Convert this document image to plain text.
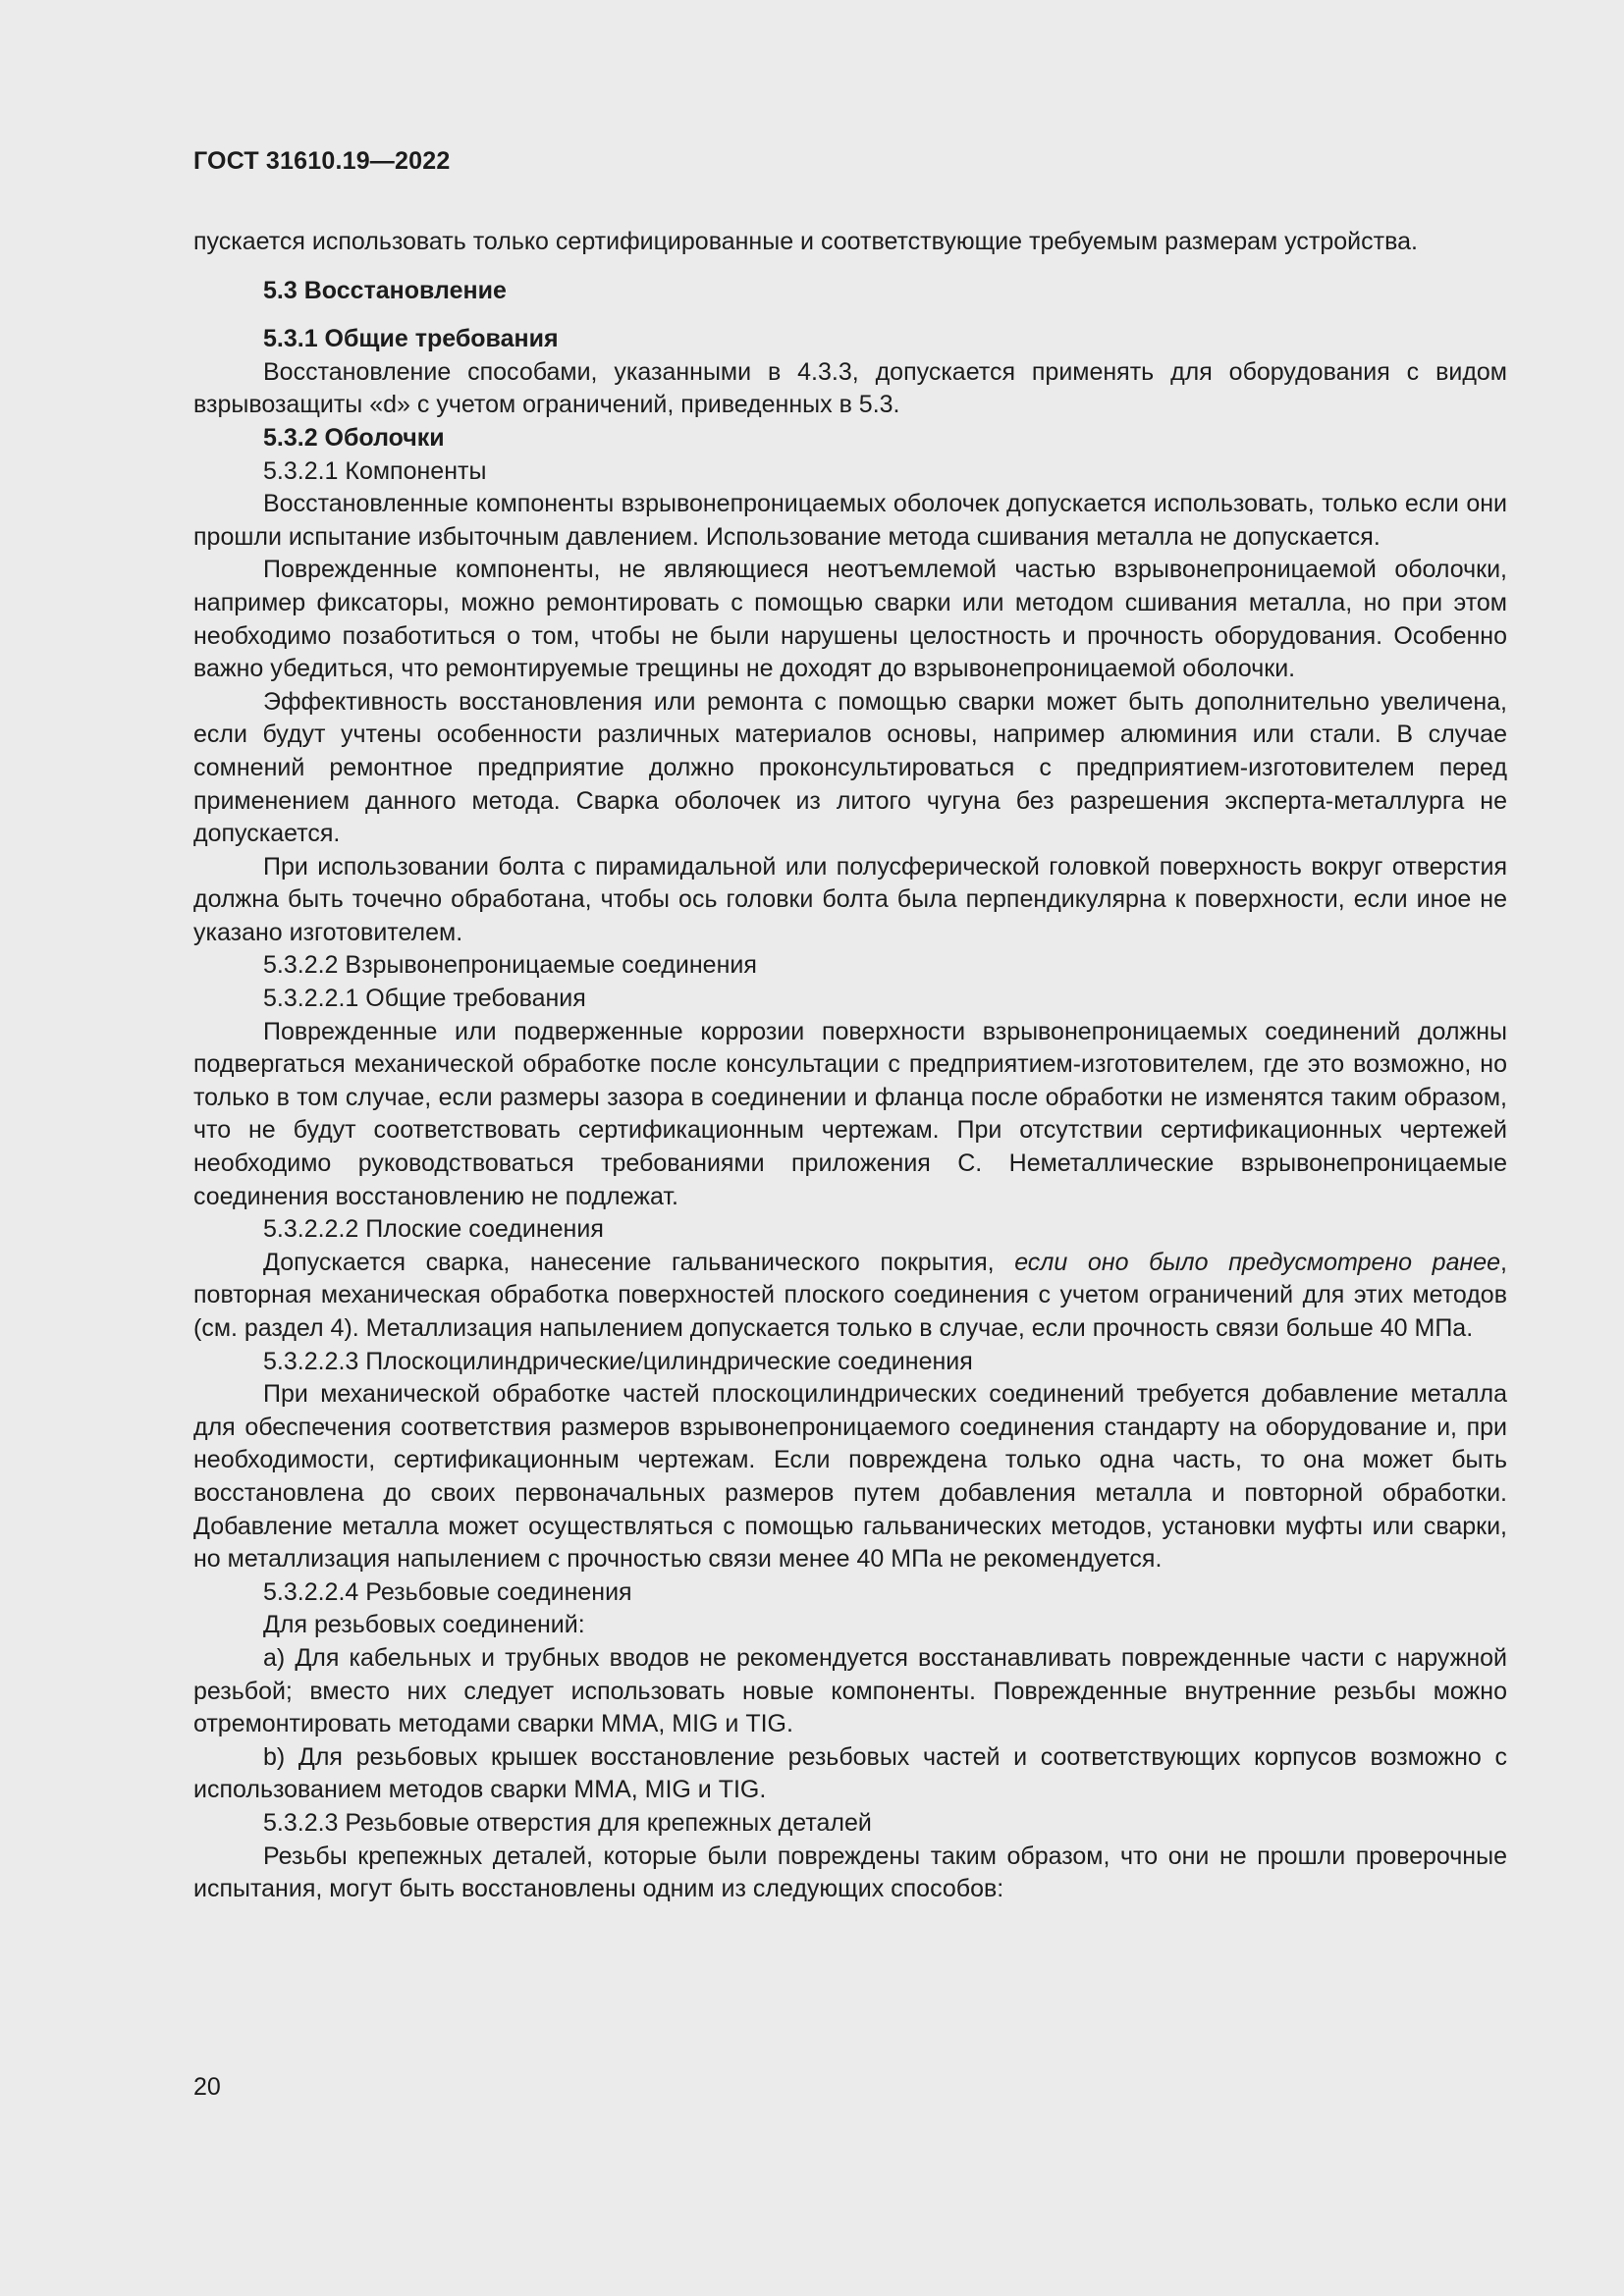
ГОСТ 31610.19—2022

пускается использовать только сертифицированные и соответствующие требуемым размерам устройства.

5.3 Восстановление

5.3.1 Общие требования

Восстановление способами, указанными в 4.3.3, допускается применять для оборудования с видом взрывозащиты «d» с учетом ограничений, приведенных в 5.3.

5.3.2 Оболочки

5.3.2.1 Компоненты

Восстановленные компоненты взрывонепроницаемых оболочек допускается использовать, только если они прошли испытание избыточным давлением. Использование метода сшивания металла не допускается.

Поврежденные компоненты, не являющиеся неотъемлемой частью взрывонепроницаемой оболочки, например фиксаторы, можно ремонтировать с помощью сварки или методом сшивания металла, но при этом необходимо позаботиться о том, чтобы не были нарушены целостность и прочность оборудования. Особенно важно убедиться, что ремонтируемые трещины не доходят до взрывонепроницаемой оболочки.

Эффективность восстановления или ремонта с помощью сварки может быть дополнительно увеличена, если будут учтены особенности различных материалов основы, например алюминия или стали. В случае сомнений ремонтное предприятие должно проконсультироваться с предприятием-изготовителем перед применением данного метода. Сварка оболочек из литого чугуна без разрешения эксперта-металлурга не допускается.

При использовании болта с пирамидальной или полусферической головкой поверхность вокруг отверстия должна быть точечно обработана, чтобы ось головки болта была перпендикулярна к поверхности, если иное не указано изготовителем.

5.3.2.2 Взрывонепроницаемые соединения

5.3.2.2.1 Общие требования

Поврежденные или подверженные коррозии поверхности взрывонепроницаемых соединений должны подвергаться механической обработке после консультации с предприятием-изготовителем, где это возможно, но только в том случае, если размеры зазора в соединении и фланца после обработки не изменятся таким образом, что не будут соответствовать сертификационным чертежам. При отсутствии сертификационных чертежей необходимо руководствоваться требованиями приложения С. Неметаллические взрывонепроницаемые соединения восстановлению не подлежат.

5.3.2.2.2 Плоские соединения

Допускается сварка, нанесение гальванического покрытия, если оно было предусмотрено ранее, повторная механическая обработка поверхностей плоского соединения с учетом ограничений для этих методов (см. раздел 4). Металлизация напылением допускается только в случае, если прочность связи больше 40 МПа.

5.3.2.2.3 Плоскоцилиндрические/цилиндрические соединения

При механической обработке частей плоскоцилиндрических соединений требуется добавление металла для обеспечения соответствия размеров взрывонепроницаемого соединения стандарту на оборудование и, при необходимости, сертификационным чертежам. Если повреждена только одна часть, то она может быть восстановлена до своих первоначальных размеров путем добавления металла и повторной обработки. Добавление металла может осуществляться с помощью гальванических методов, установки муфты или сварки, но металлизация напылением с прочностью связи менее 40 МПа не рекомендуется.

5.3.2.2.4 Резьбовые соединения

Для резьбовых соединений:

a) Для кабельных и трубных вводов не рекомендуется восстанавливать поврежденные части с наружной резьбой; вместо них следует использовать новые компоненты. Поврежденные внутренние резьбы можно отремонтировать методами сварки MMA, MIG и TIG.

b) Для резьбовых крышек восстановление резьбовых частей и соответствующих корпусов возможно с использованием методов сварки MMA, MIG и TIG.

5.3.2.3 Резьбовые отверстия для крепежных деталей

Резьбы крепежных деталей, которые были повреждены таким образом, что они не прошли проверочные испытания, могут быть восстановлены одним из следующих способов:

20
